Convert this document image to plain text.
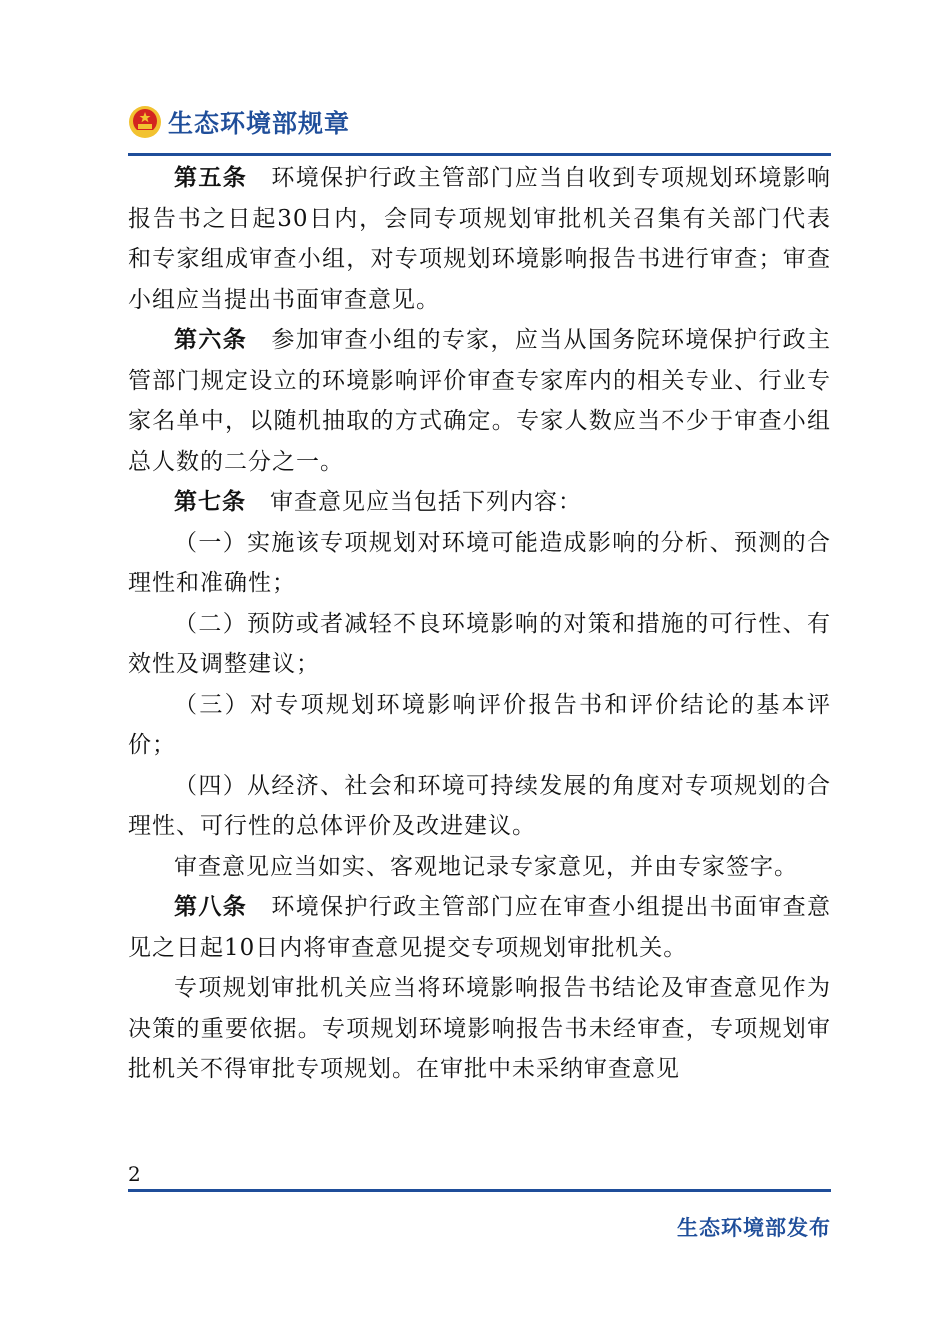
生态环境部规章

第五条　 环境保护行政主管部门应当自收到专项规划环境影响报告书之日起30日内，会同专项规划审批机关召集有关部门代表和专家组成审查小组，对专项规划环境影响报告书进行审查；审查小组应当提出书面审查意见。

第六条　 参加审查小组的专家，应当从国务院环境保护行政主管部门规定设立的环境影响评价审查专家库内的相关专业、行业专家名单中，以随机抽取的方式确定。专家人数应当不少于审查小组总人数的二分之一。

第七条　 审查意见应当包括下列内容：

（一）实施该专项规划对环境可能造成影响的分析、预测的合理性和准确性；

（二）预防或者减轻不良环境影响的对策和措施的可行性、有效性及调整建议；

（三）对专项规划环境影响评价报告书和评价结论的基本评价；

（四）从经济、社会和环境可持续发展的角度对专项规划的合理性、可行性的总体评价及改进建议。

审查意见应当如实、客观地记录专家意见，并由专家签字。

第八条　 环境保护行政主管部门应在审查小组提出书面审查意见之日起10日内将审查意见提交专项规划审批机关。

专项规划审批机关应当将环境影响报告书结论及审查意见作为决策的重要依据。专项规划环境影响报告书未经审查，专项规划审批机关不得审批专项规划。在审批中未采纳审查意见

2
生态环境部发布
